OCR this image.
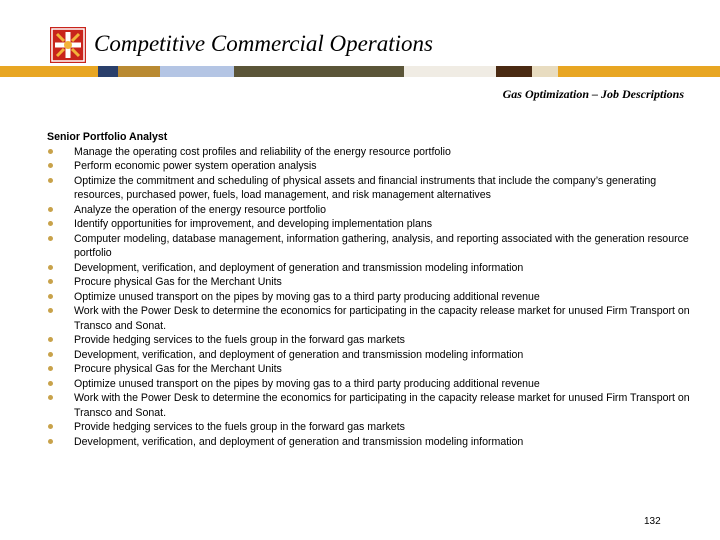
Competitive Commercial Operations
Gas Optimization – Job Descriptions
Senior Portfolio Analyst
Manage the operating cost profiles and reliability of the energy resource portfolio
Perform economic power system operation analysis
Optimize the commitment and scheduling of physical assets and financial instruments that include the company’s generating resources, purchased power, fuels, load management, and risk management alternatives
Analyze the operation of the energy resource portfolio
Identify opportunities for improvement, and developing implementation plans
Computer modeling, database management, information gathering, analysis, and reporting associated with the generation resource portfolio
Development, verification, and deployment of generation and transmission modeling information
Procure physical Gas for the Merchant Units
Optimize unused transport on the pipes by moving gas to a third party producing additional revenue
Work with the Power Desk to determine the economics for participating in the capacity release market for unused Firm Transport on Transco and Sonat.
Provide hedging services to the fuels group in the forward gas markets
Development, verification, and deployment of generation and transmission modeling information
Procure physical Gas for the Merchant Units
Optimize unused transport on the pipes by moving gas to a third party producing additional revenue
Work with the Power Desk to determine the economics for participating in the capacity release market for unused Firm Transport on Transco and Sonat.
Provide hedging services to the fuels group in the forward gas markets
Development, verification, and deployment of generation and transmission modeling information
132
